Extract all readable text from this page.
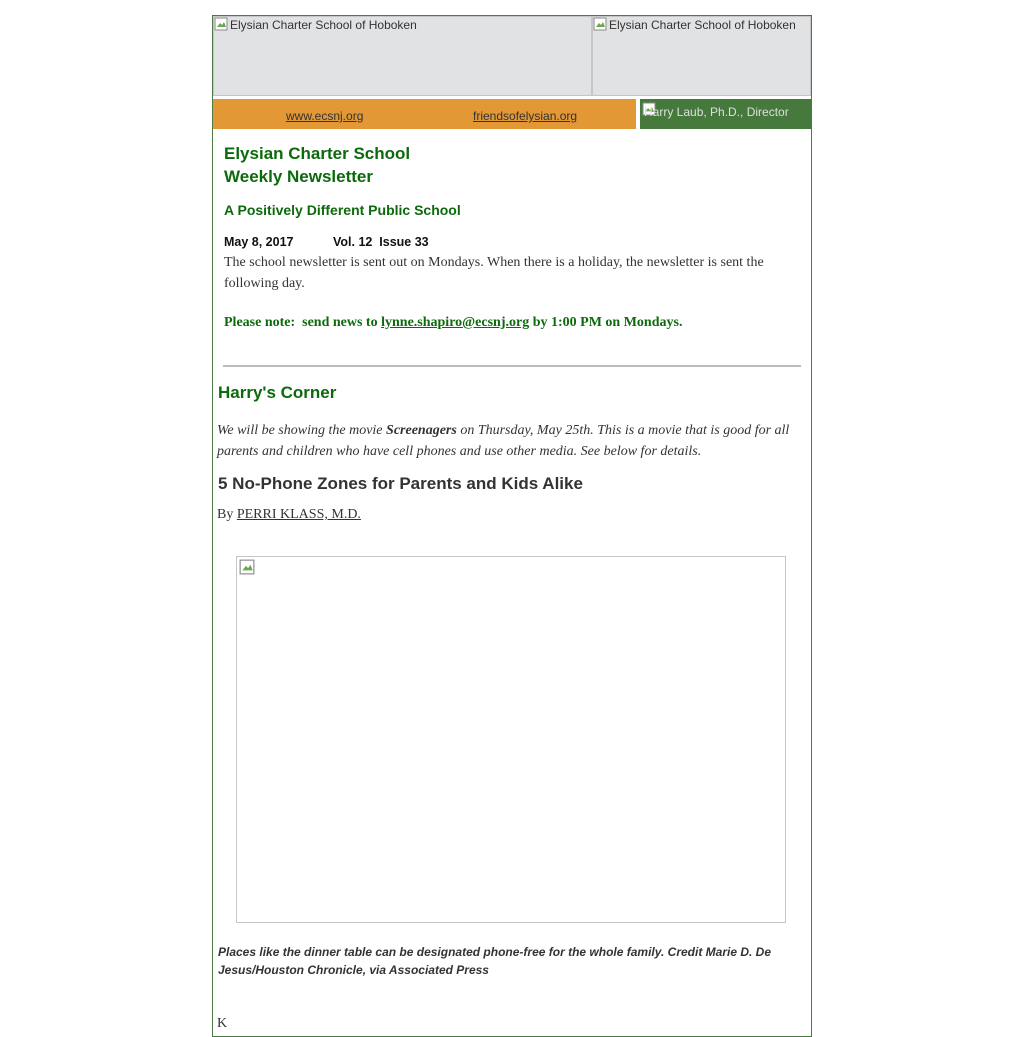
Elysian Charter School of Hoboken	Elysian Charter School of Hoboken
www.ecsnj.org	friendsofelysian.org	Harry Laub, Ph.D., Director
Elysian Charter School
Weekly Newsletter
A Positively Different Public School
May 8, 2017	Vol. 12  Issue 33

The school newsletter is sent out on Mondays. When there is a holiday, the newsletter is sent the following day.

Please note:  send news to lynne.shapiro@ecsnj.org by 1:00 PM on Mondays.
Harry's Corner

We will be showing the movie Screenagers on Thursday, May 25th. This is a movie that is good for all parents and children who have cell phones and use other media. See below for details.

5 No-Phone Zones for Parents and Kids Alike
By PERRI KLASS, M.D.

Places like the dinner table can be designated phone-free for the whole family. Credit Marie D. De Jesus/Houston Chronicle, via Associated Press

K
